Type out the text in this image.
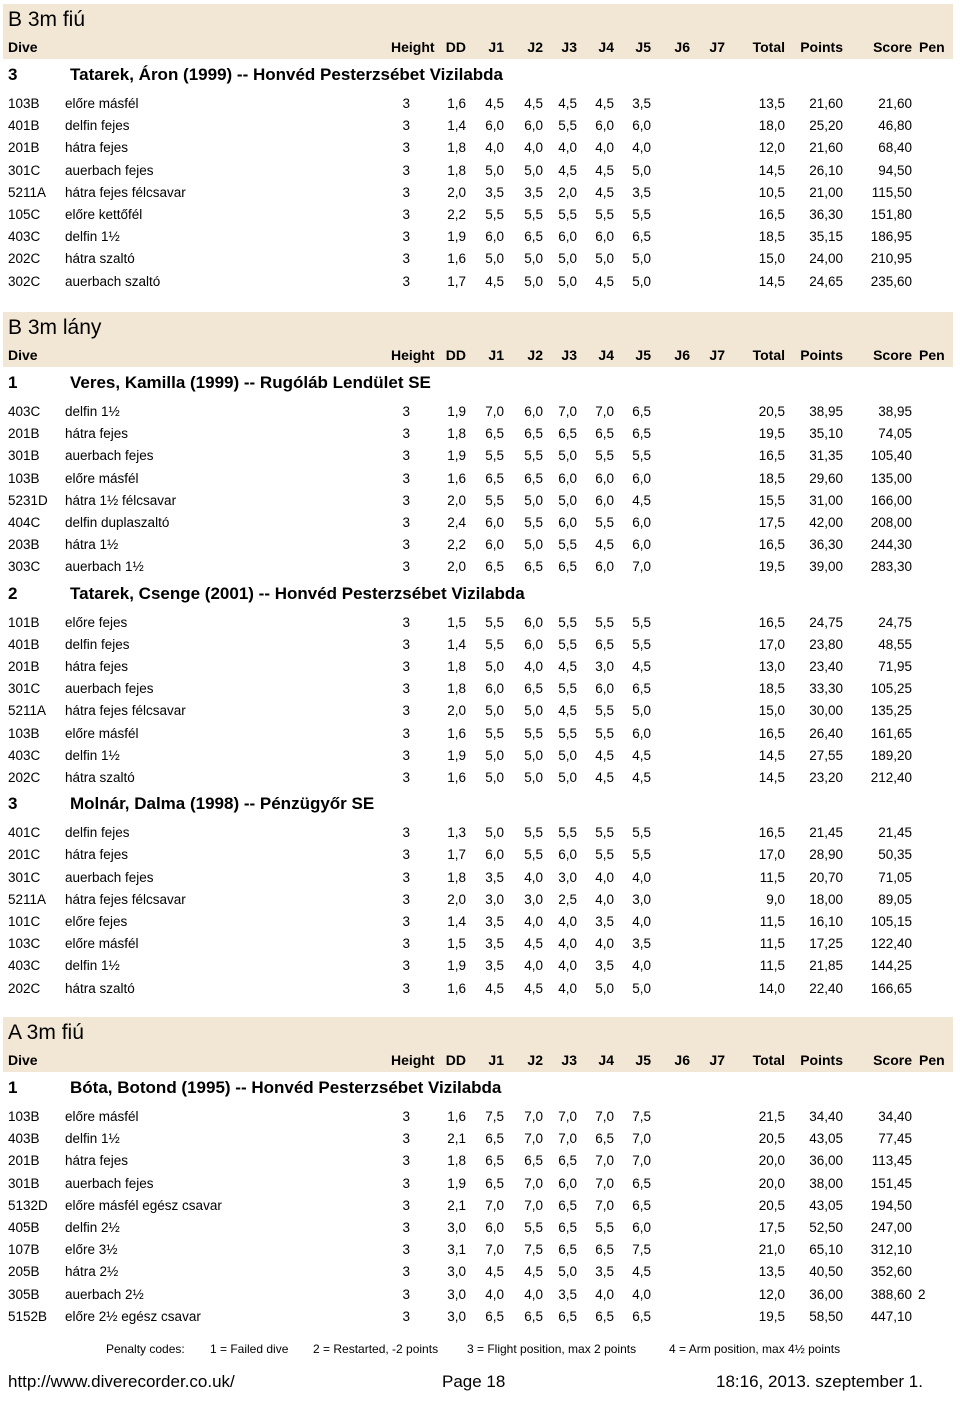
B 3m fiú
Dive	Height DD	J1	J2	J3	J4	J5	J6	J7	Total Points	Score Pen
3	Tatarek, Áron (1999) -- Honvéd Pesterzsébet Vizilabda
103B előre másfél	3	1,6	4,5	4,5	4,5	4,5	3,5	13,5	21,60	21,60
401B delfin fejes	3	1,4	6,0	6,0	5,5	6,0	6,0	18,0	25,20	46,80
201B hátra fejes	3	1,8	4,0	4,0	4,0	4,0	4,0	12,0	21,60	68,40
301C auerbach fejes	3	1,8	5,0	5,0	4,5	4,5	5,0	14,5	26,10	94,50
5211A hátra fejes félcsavar	3	2,0	3,5	3,5	2,0	4,5	3,5	10,5	21,00	115,50
105C előre kettőfél	3	2,2	5,5	5,5	5,5	5,5	5,5	16,5	36,30	151,80
403C delfin 1½	3	1,9	6,0	6,5	6,0	6,0	6,5	18,5	35,15	186,95
202C hátra szaltó	3	1,6	5,0	5,0	5,0	5,0	5,0	15,0	24,00	210,95
302C auerbach szaltó	3	1,7	4,5	5,0	5,0	4,5	5,0	14,5	24,65	235,60
B 3m lány
Dive	Height DD	J1	J2	J3	J4	J5	J6	J7	Total Points	Score Pen
1	Veres, Kamilla (1999) -- Rugóláb Lendület SE
403C delfin 1½	3	1,9	7,0	6,0	7,0	7,0	6,5	20,5	38,95	38,95
201B hátra fejes	3	1,8	6,5	6,5	6,5	6,5	6,5	19,5	35,10	74,05
301B auerbach fejes	3	1,9	5,5	5,5	5,0	5,5	5,5	16,5	31,35	105,40
103B előre másfél	3	1,6	6,5	6,5	6,0	6,0	6,0	18,5	29,60	135,00
5231D hátra 1½ félcsavar	3	2,0	5,5	5,0	5,0	6,0	4,5	15,5	31,00	166,00
404C delfin duplaszaltó	3	2,4	6,0	5,5	6,0	5,5	6,0	17,5	42,00	208,00
203B hátra 1½	3	2,2	6,0	5,0	5,5	4,5	6,0	16,5	36,30	244,30
303C auerbach 1½	3	2,0	6,5	6,5	6,5	6,0	7,0	19,5	39,00	283,30
2	Tatarek, Csenge (2001) -- Honvéd Pesterzsébet Vizilabda
101B előre fejes	3	1,5	5,5	6,0	5,5	5,5	5,5	16,5	24,75	24,75
401B delfin fejes	3	1,4	5,5	6,0	5,5	6,5	5,5	17,0	23,80	48,55
201B hátra fejes	3	1,8	5,0	4,0	4,5	3,0	4,5	13,0	23,40	71,95
301C auerbach fejes	3	1,8	6,0	6,5	5,5	6,0	6,5	18,5	33,30	105,25
5211A hátra fejes félcsavar	3	2,0	5,0	5,0	4,5	5,5	5,0	15,0	30,00	135,25
103B előre másfél	3	1,6	5,5	5,5	5,5	5,5	6,0	16,5	26,40	161,65
403C delfin 1½	3	1,9	5,0	5,0	5,0	4,5	4,5	14,5	27,55	189,20
202C hátra szaltó	3	1,6	5,0	5,0	5,0	4,5	4,5	14,5	23,20	212,40
3	Molnár, Dalma (1998) -- Pénzügyőr SE
401C delfin fejes	3	1,3	5,0	5,5	5,5	5,5	5,5	16,5	21,45	21,45
201C hátra fejes	3	1,7	6,0	5,5	6,0	5,5	5,5	17,0	28,90	50,35
301C auerbach fejes	3	1,8	3,5	4,0	3,0	4,0	4,0	11,5	20,70	71,05
5211A hátra fejes félcsavar	3	2,0	3,0	3,0	2,5	4,0	3,0	9,0	18,00	89,05
101C előre fejes	3	1,4	3,5	4,0	4,0	3,5	4,0	11,5	16,10	105,15
103C előre másfél	3	1,5	3,5	4,5	4,0	4,0	3,5	11,5	17,25	122,40
403C delfin 1½	3	1,9	3,5	4,0	4,0	3,5	4,0	11,5	21,85	144,25
202C hátra szaltó	3	1,6	4,5	4,5	4,0	5,0	5,0	14,0	22,40	166,65
A 3m fiú
Dive	Height DD	J1	J2	J3	J4	J5	J6	J7	Total Points	Score Pen
1	Bóta, Botond (1995) -- Honvéd Pesterzsébet Vizilabda
103B előre másfél	3	1,6	7,5	7,0	7,0	7,0	7,5	21,5	34,40	34,40
403B delfin 1½	3	2,1	6,5	7,0	7,0	6,5	7,0	20,5	43,05	77,45
201B hátra fejes	3	1,8	6,5	6,5	6,5	7,0	7,0	20,0	36,00	113,45
301B auerbach fejes	3	1,9	6,5	7,0	6,0	7,0	6,5	20,0	38,00	151,45
5132D előre másfél egész csavar	3	2,1	7,0	7,0	6,5	7,0	6,5	20,5	43,05	194,50
405B delfin 2½	3	3,0	6,0	5,5	6,5	5,5	6,0	17,5	52,50	247,00
107B előre 3½	3	3,1	7,0	7,5	6,5	6,5	7,5	21,0	65,10	312,10
205B hátra 2½	3	3,0	4,5	4,5	5,0	3,5	4,5	13,5	40,50	352,60
305B auerbach 2½	3	3,0	4,0	4,0	3,5	4,0	4,0	12,0	36,00	388,60 2
5152B előre 2½ egész csavar	3	3,0	6,5	6,5	6,5	6,5	6,5	19,5	58,50	447,10
Penalty codes: 1 = Failed dive 2 = Restarted, -2 points 3 = Flight position, max 2 points	4 = Arm position, max 4½ points
http://www.diverecorder.co.uk/	Page 18	18:16, 2013. szeptember 1.
